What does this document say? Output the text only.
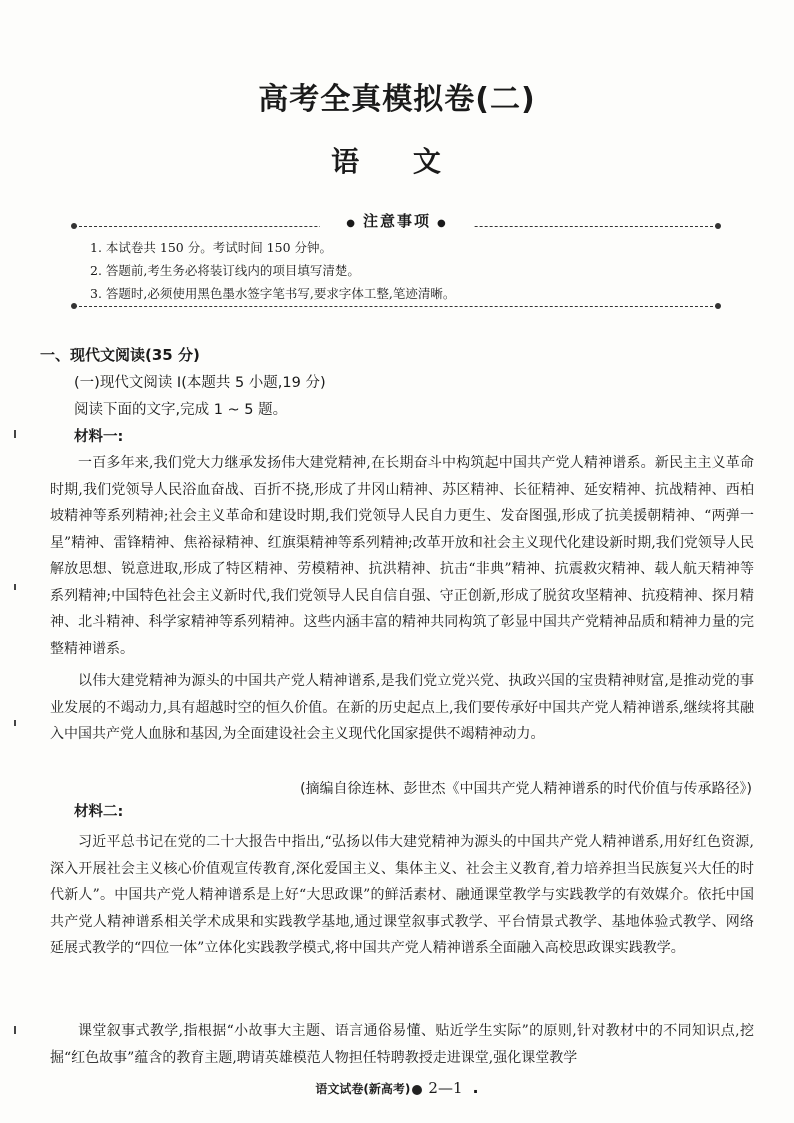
高考全真模拟卷(二)
语 文
● 注意事项 ●
1. 本试卷共 150 分。考试时间 150 分钟。
2. 答题前,考生务必将装订线内的项目填写清楚。
3. 答题时,必须使用黑色墨水签字笔书写,要求字体工整,笔迹清晰。
一、现代文阅读(35 分)
(一)现代文阅读 I(本题共 5 小题,19 分)
阅读下面的文字,完成 1 ~ 5 题。
材料一:

一百多年来,我们党大力继承发扬伟大建党精神,在长期奋斗中构筑起中国共产党人精神谱系。新民主主义革命时期,我们党领导人民浴血奋战、百折不挠,形成了井冈山精神、苏区精神、长征精神、延安精神、抗战精神、西柏坡精神等系列精神;社会主义革命和建设时期,我们党领导人民自力更生、发奋图强,形成了抗美援朝精神、“两弹一星”精神、雷锋精神、焦裕禄精神、红旗渠精神等系列精神;改革开放和社会主义现代化建设新时期,我们党领导人民解放思想、锐意进取,形成了特区精神、劳模精神、抗洪精神、抗击“非典”精神、抗震救灾精神、载人航天精神等系列精神;中国特色社会主义新时代,我们党领导人民自信自强、守正创新,形成了脱贫攻坚精神、抗疫精神、探月精神、北斗精神、科学家精神等系列精神。这些内涵丰富的精神共同构筑了彰显中国共产党精神品质和精神力量的完整精神谱系。

以伟大建党精神为源头的中国共产党人精神谱系,是我们党立党兴党、执政兴国的宝贵精神财富,是推动党的事业发展的不竭动力,具有超越时空的恒久价值。在新的历史起点上,我们要传承好中国共产党人精神谱系,继续将其融入中国共产党人血脉和基因,为全面建设社会主义现代化国家提供不竭精神动力。

(摘编自徐连林、彭世杰《中国共产党人精神谱系的时代价值与传承路径》)
材料二:

习近平总书记在党的二十大报告中指出,“弘扬以伟大建党精神为源头的中国共产党人精神谱系,用好红色资源,深入开展社会主义核心价值观宣传教育,深化爱国主义、集体主义、社会主义教育,着力培养担当民族复兴大任的时代新人”。中国共产党人精神谱系是上好“大思政课”的鲜活素材、融通课堂教学与实践教学的有效媒介。依托中国共产党人精神谱系相关学术成果和实践教学基地,通过课堂叙事式教学、平台情景式教学、基地体验式教学、网络延展式教学的“四位一体”立体化实践教学模式,将中国共产党人精神谱系全面融入高校思政课实践教学。

课堂叙事式教学,指根据“小故事大主题、语言通俗易懂、贴近学生实际”的原则,针对教材中的不同知识点,挖掘“红色故事”蕴含的教育主题,聘请英雄模范人物担任特聘教授走进课堂,强化课堂教学

语文试卷(新高考) 2—1 .
